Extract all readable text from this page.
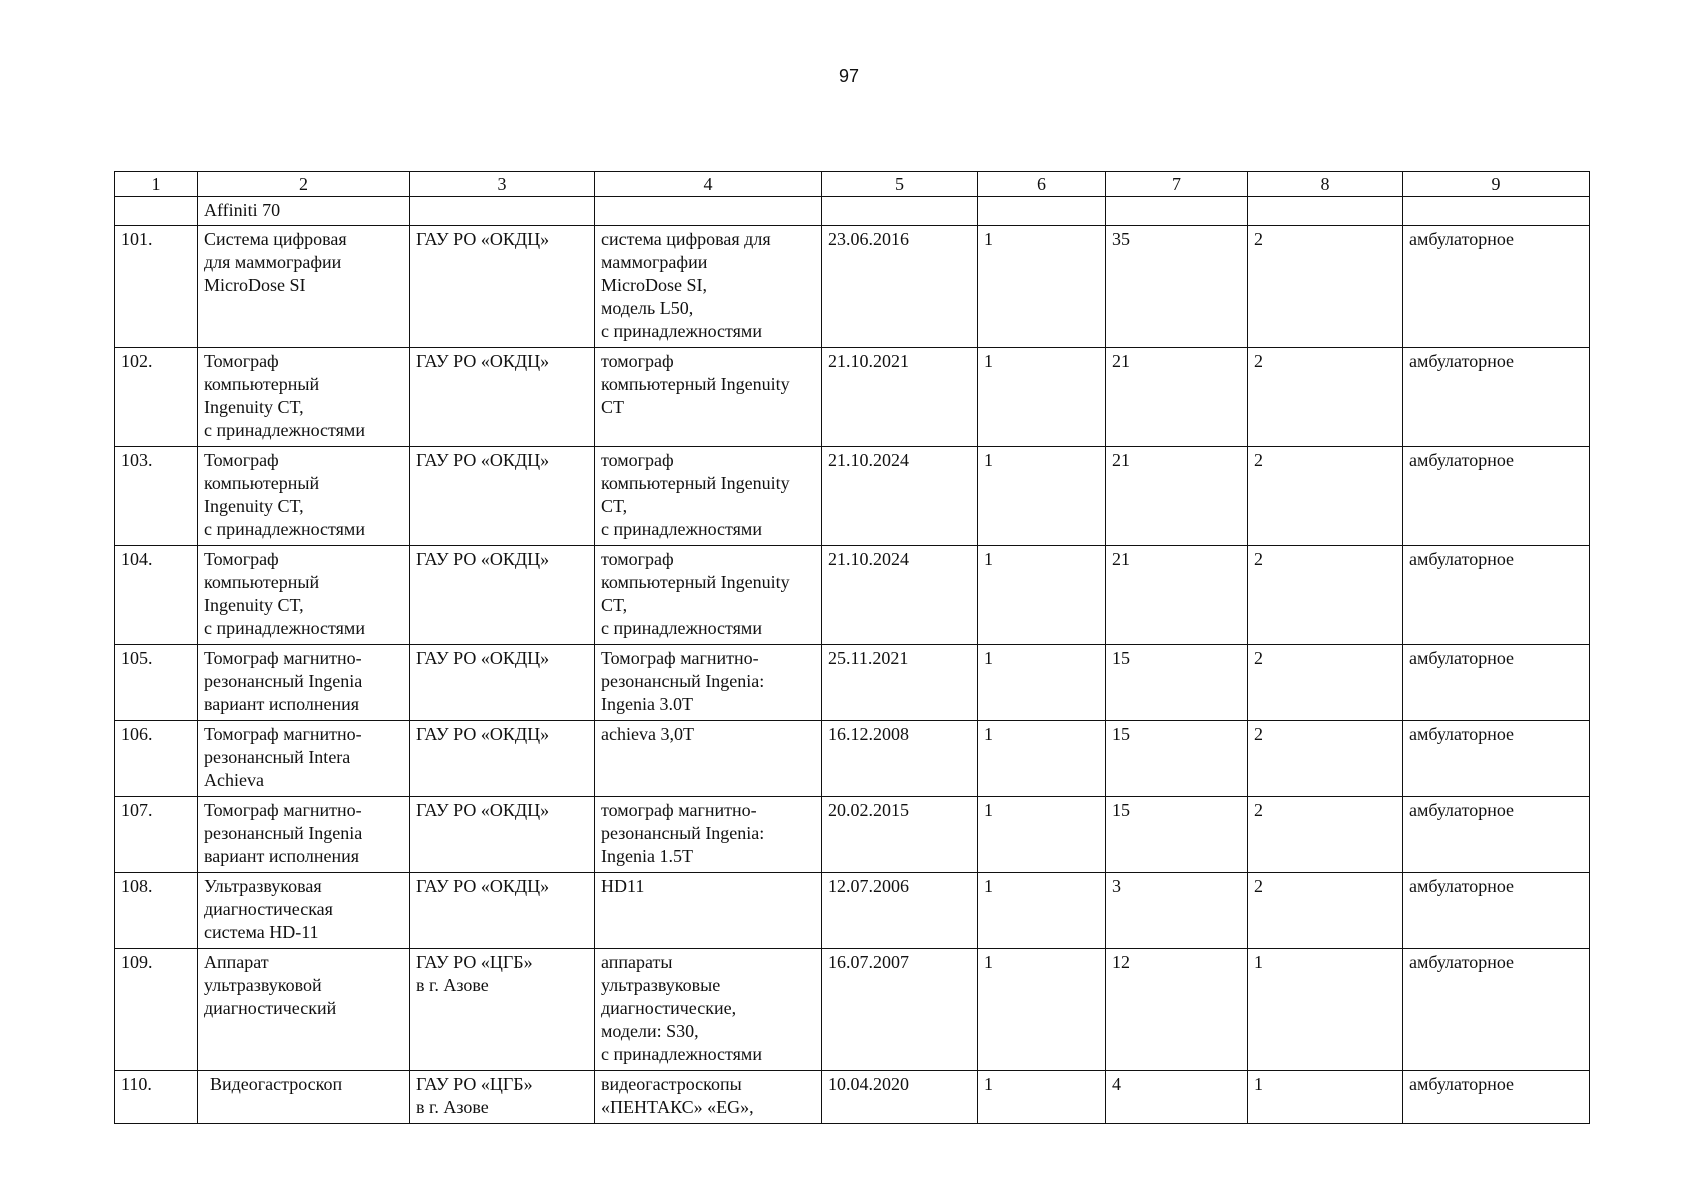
97
1	2	3	4	5	6	7	8	9
	Affiniti 70							
101.	Система цифровая
для маммографии
MicroDose SI	ГАУ РО «ОКДЦ»	система цифровая для
маммографии
MicroDose SI,
модель L50,
с принадлежностями	23.06.2016	1	35	2	амбулаторное
102.	Томограф
компьютерный
Ingenuity CT,
с принадлежностями	ГАУ РО «ОКДЦ»	томограф
компьютерный Ingenuity
CT	21.10.2021	1	21	2	амбулаторное
103.	Томограф
компьютерный
Ingenuity CT,
с принадлежностями	ГАУ РО «ОКДЦ»	томограф
компьютерный Ingenuity
CT,
с принадлежностями	21.10.2024	1	21	2	амбулаторное
104.	Томограф
компьютерный
Ingenuity CT,
с принадлежностями	ГАУ РО «ОКДЦ»	томограф
компьютерный Ingenuity
CT,
с принадлежностями	21.10.2024	1	21	2	амбулаторное
105.	Томограф магнитно-
резонансный Ingenia
вариант исполнения	ГАУ РО «ОКДЦ»	Томограф магнитно-
резонансный Ingenia:
Ingenia 3.0T	25.11.2021	1	15	2	амбулаторное
106.	Томограф магнитно-
резонансный Intera
Achieva	ГАУ РО «ОКДЦ»	achieva 3,0T	16.12.2008	1	15	2	амбулаторное
107.	Томограф магнитно-
резонансный Ingenia
вариант исполнения	ГАУ РО «ОКДЦ»	томограф магнитно-
резонансный Ingenia:
Ingenia 1.5T	20.02.2015	1	15	2	амбулаторное
108.	Ультразвуковая
диагностическая
система HD-11	ГАУ РО «ОКДЦ»	HD11	12.07.2006	1	3	2	амбулаторное
109.	Аппарат
ультразвуковой
диагностический	ГАУ РО «ЦГБ»
в г. Азове	аппараты
ультразвуковые
диагностические,
модели: S30,
с принадлежностями	16.07.2007	1	12	1	амбулаторное
110.	Видеогастроскоп	ГАУ РО «ЦГБ»
в г. Азове	видеогастроскопы
«ПЕНТАКС» «EG»,	10.04.2020	1	4	1	амбулаторное
